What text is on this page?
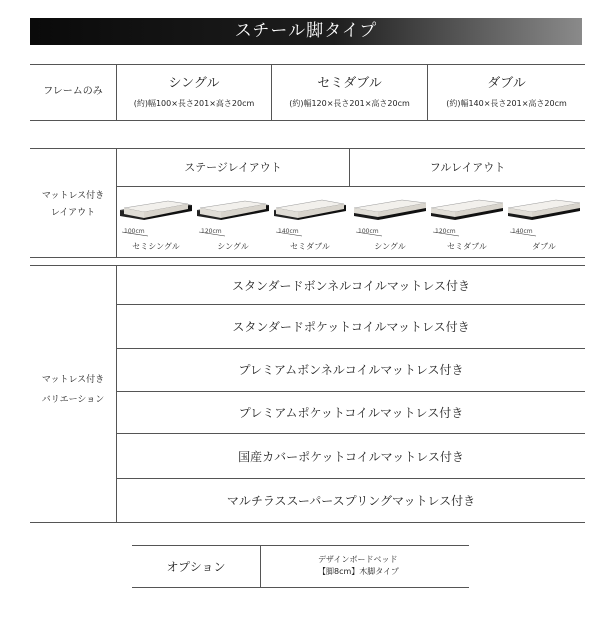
スチール脚タイプ
フレームのみ
シングル
(約)幅100×長さ201×高さ20cm
セミダブル
(約)幅120×長さ201×高さ20cm
ダブル
(約)幅140×長さ201×高さ20cm
マットレス付き
レイアウト
ステージレイアウト	フルレイアウト
100cm
セミシングル
120cm
シングル
140cm
セミダブル
100cm
シングル
120cm
セミダブル
140cm
ダブル
マットレス付き
バリエーション
スタンダードボンネルコイルマットレス付き
スタンダードポケットコイルマットレス付き
プレミアムボンネルコイルマットレス付き
プレミアムポケットコイルマットレス付き
国産カバーポケットコイルマットレス付き
マルチラススーパースプリングマットレス付き
オプション
デザインボードベッド
【脚8cm】木脚タイプ
